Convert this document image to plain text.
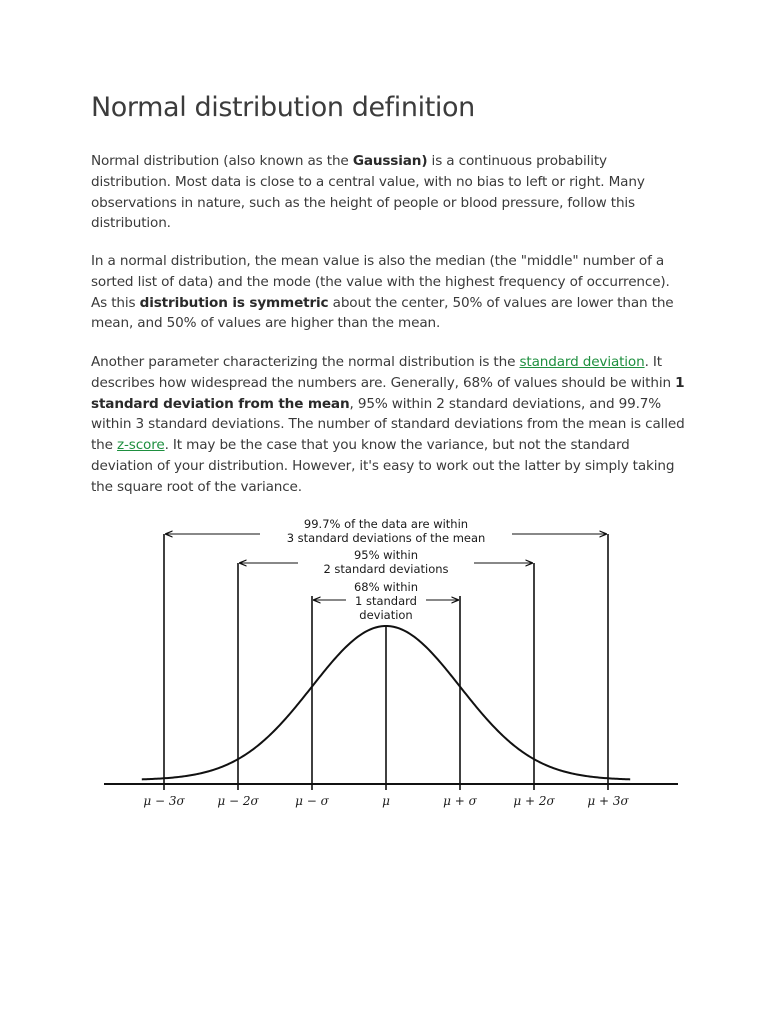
Normal distribution definition

Normal distribution (also known as the Gaussian) is a continuous probability distribution. Most data is close to a central value, with no bias to left or right. Many observations in nature, such as the height of people or blood pressure, follow this distribution.

In a normal distribution, the mean value is also the median (the "middle" number of a sorted list of data) and the mode (the value with the highest frequency of occurrence). As this distribution is symmetric about the center, 50% of values are lower than the mean, and 50% of values are higher than the mean.

Another parameter characterizing the normal distribution is the standard deviation. It describes how widespread the numbers are. Generally, 68% of values should be within 1 standard deviation from the mean, 95% within 2 standard deviations, and 99.7% within 3 standard deviations. The number of standard deviations from the mean is called the z-score. It may be the case that you know the variance, but not the standard deviation of your distribution. However, it's easy to work out the latter by simply taking the square root of the variance.

99.7% of the data are within
3 standard deviations of the mean
95% within
2 standard deviations
68% within
1 standard
deviation
μ − 3σ	μ − 2σ	μ − σ	μ	μ + σ	μ + 2σ	μ + 3σ
